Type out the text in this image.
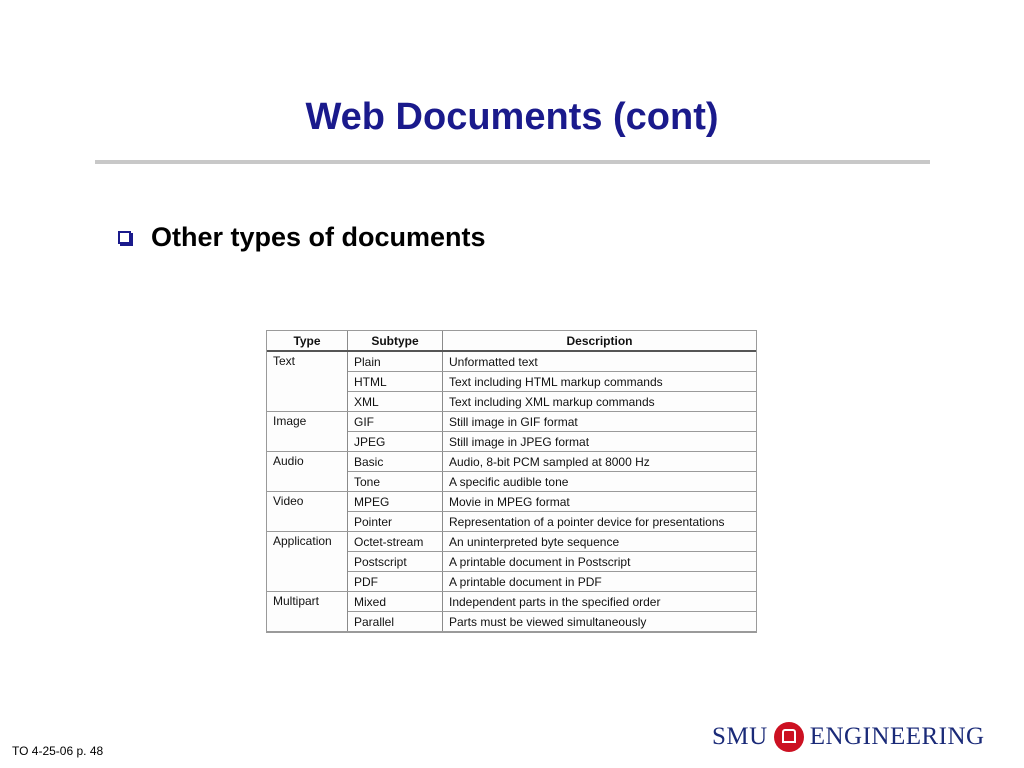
Web Documents (cont)
Other types of documents
Type	Subtype	Description
Text	Plain	Unformatted text
	HTML	Text including HTML markup commands
	XML	Text including XML markup commands
Image	GIF	Still image in GIF format
	JPEG	Still image in JPEG format
Audio	Basic	Audio, 8-bit PCM sampled at 8000 Hz
	Tone	A specific audible tone
Video	MPEG	Movie in MPEG format
	Pointer	Representation of a pointer device for presentations
Application	Octet-stream	An uninterpreted byte sequence
	Postscript	A printable document in Postscript
	PDF	A printable document in PDF
Multipart	Mixed	Independent parts in the specified order
	Parallel	Parts must be viewed simultaneously
TO 4-25-06 p. 48
SMU ENGINEERING
